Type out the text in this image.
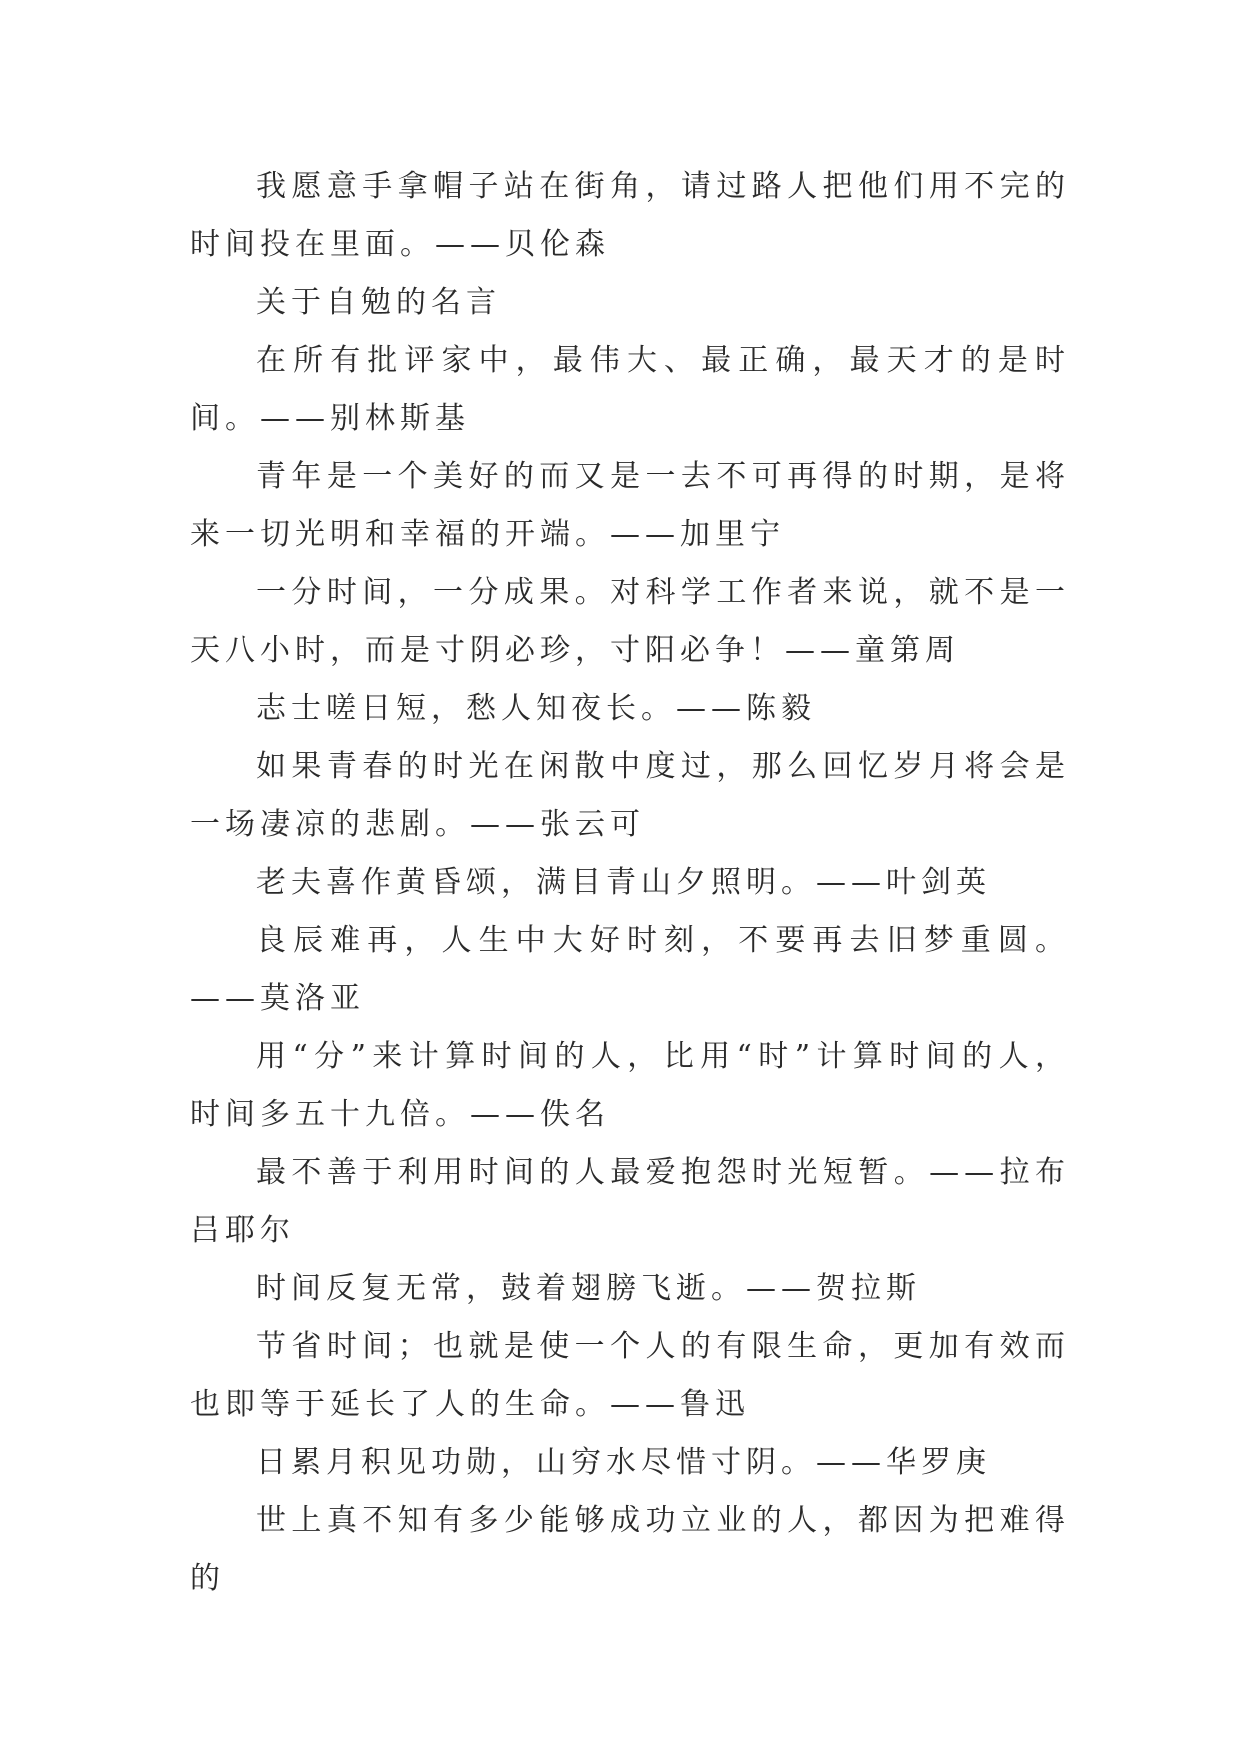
我愿意手拿帽子站在街角，请过路人把他们用不完的时间投在里面。——贝伦森

关于自勉的名言

在所有批评家中，最伟大、最正确，最天才的是时间。——别林斯基

青年是一个美好的而又是一去不可再得的时期，是将来一切光明和幸福的开端。——加里宁

一分时间，一分成果。对科学工作者来说，就不是一天八小时，而是寸阴必珍，寸阳必争！——童第周

志士嗟日短，愁人知夜长。——陈毅

如果青春的时光在闲散中度过，那么回忆岁月将会是一场凄凉的悲剧。——张云可

老夫喜作黄昏颂，满目青山夕照明。——叶剑英

良辰难再，人生中大好时刻，不要再去旧梦重圆。——莫洛亚

用“分”来计算时间的人，比用“时”计算时间的人，时间多五十九倍。——佚名

最不善于利用时间的人最爱抱怨时光短暂。——拉布吕耶尔

时间反复无常，鼓着翅膀飞逝。——贺拉斯

节省时间；也就是使一个人的有限生命，更加有效而也即等于延长了人的生命。——鲁迅

日累月积见功勋，山穷水尽惜寸阴。——华罗庚

世上真不知有多少能够成功立业的人，都因为把难得的
